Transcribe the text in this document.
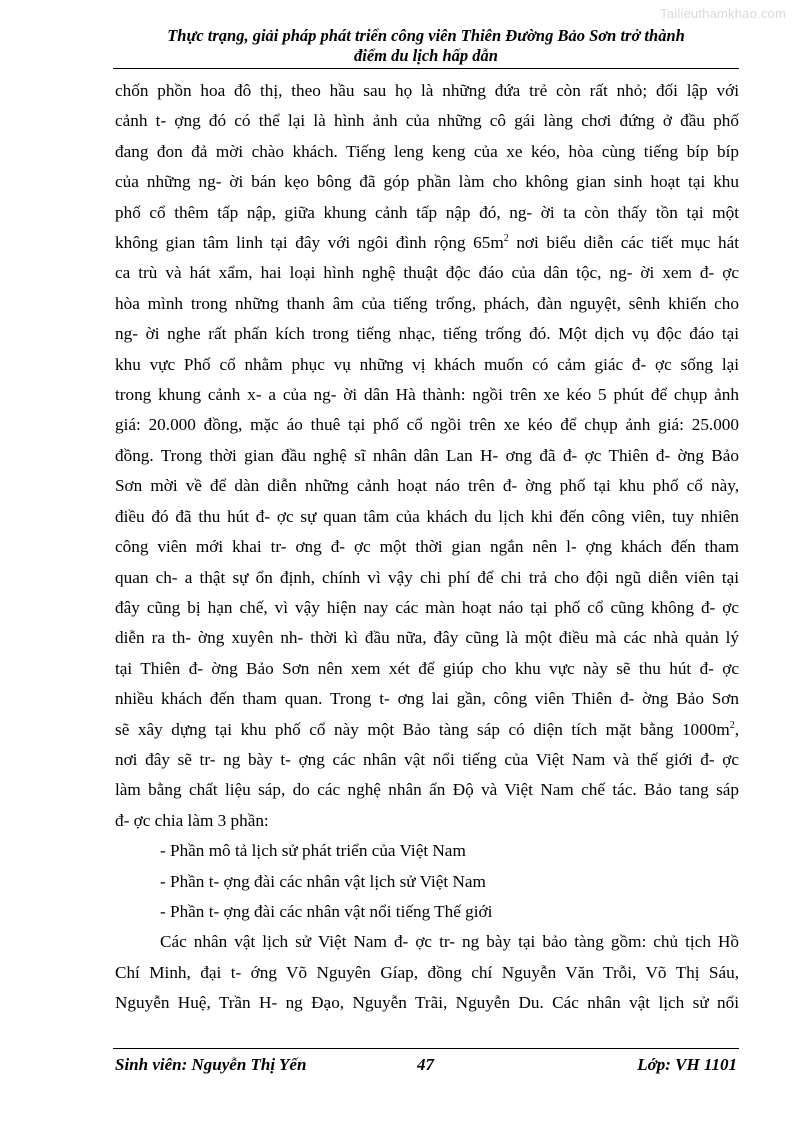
Tailieuthamkhao.com
Thực trạng, giải pháp phát triển công viên Thiên Đường Bảo Sơn trở thành
điểm du lịch hấp dẫn

chốn phồn hoa đô thị, theo hầu sau họ là những đứa trẻ còn rất nhỏ; đối lập với

cảnh t- ợng đó có thể lại là hình ảnh của những cô gái làng chơi đứng ở đầu phố

đang đon đả mời chào khách. Tiếng leng keng của xe kéo, hòa cùng tiếng bíp bíp

của những ng- ời bán kẹo bông đã góp phần làm cho không gian sinh hoạt tại khu

phố cổ thêm tấp nập, giữa khung cảnh tấp nập đó, ng- ời ta còn thấy tồn tại một

không gian tâm linh tại đây với ngôi đình rộng $65m^2$ nơi biểu diễn các tiết mục hát

ca trù và hát xẩm, hai loại hình nghệ thuật độc đáo của dân tộc, ng- ời xem đ- ợc

hòa mình trong những thanh âm của tiếng trống, phách, đàn nguyệt, sênh khiến cho

ng- ời nghe rất phấn kích trong tiếng nhạc, tiếng trống đó. Một dịch vụ độc đáo tại

khu vực Phố cổ nhằm phục vụ những vị khách muốn có cảm giác đ- ợc sống lại

trong khung cảnh x- a của ng- ời dân Hà thành: ngồi trên xe kéo 5 phút để chụp ảnh

giá: 20.000 đồng, mặc áo thuê tại phố cổ ngồi trên xe kéo để chụp ảnh giá: 25.000

đồng. Trong thời gian đầu nghệ sĩ nhân dân Lan H- ơng đã đ- ợc Thiên đ- ờng Bảo

Sơn mời về để dàn diễn những cảnh hoạt náo trên đ- ờng phố tại khu phố cổ này,

điều đó đã thu hút đ- ợc sự quan tâm của khách du lịch khi đến công viên, tuy nhiên

công viên mới khai tr- ơng đ- ợc một thời gian ngắn nên l- ợng khách đến tham

quan ch- a thật sự ổn định, chính vì vậy chi phí để chi trả cho đội ngũ diễn viên tại

đây cũng bị hạn chế, vì vậy hiện nay các màn hoạt náo tại phố cổ cũng không đ- ợc

diễn ra th- ờng xuyên nh- thời kì đầu nữa, đây cũng là một điều mà các nhà quản lý

tại Thiên đ- ờng Bảo Sơn nên xem xét để giúp cho khu vực này sẽ thu hút đ- ợc

nhiều khách đến tham quan. Trong t- ơng lai gần, công viên Thiên đ- ờng Bảo Sơn

sẽ xây dựng tại khu phố cổ này một Bảo tàng sáp có diện tích mặt bằng $1000m^2$,

nơi đây sẽ tr- ng bày t- ợng các nhân vật nổi tiếng của Việt Nam và thế giới đ- ợc

làm bằng chất liệu sáp, do các nghệ nhân ấn Độ và Việt Nam chế tác. Bảo tang sáp

đ- ợc chia làm 3 phần:

- Phần mô tả lịch sử phát triển của Việt Nam

- Phần t- ợng đài các nhân vật lịch sử Việt Nam

- Phần t- ợng đài các nhân vật nổi tiếng Thế giới

Các nhân vật lịch sử Việt Nam đ- ợc tr- ng bày tại bảo tàng gồm: chủ tịch Hồ

Chí Minh, đại t- ớng Võ Nguyên Gíap, đồng chí Nguyễn Văn Trỗi, Võ Thị Sáu,

Nguyễn Huệ, Trần H- ng Đạo, Nguyễn Trãi, Nguyễn Du. Các nhân vật lịch sử nổi

Sinh viên: Nguyễn Thị Yến	47	Lớp: VH 1101
